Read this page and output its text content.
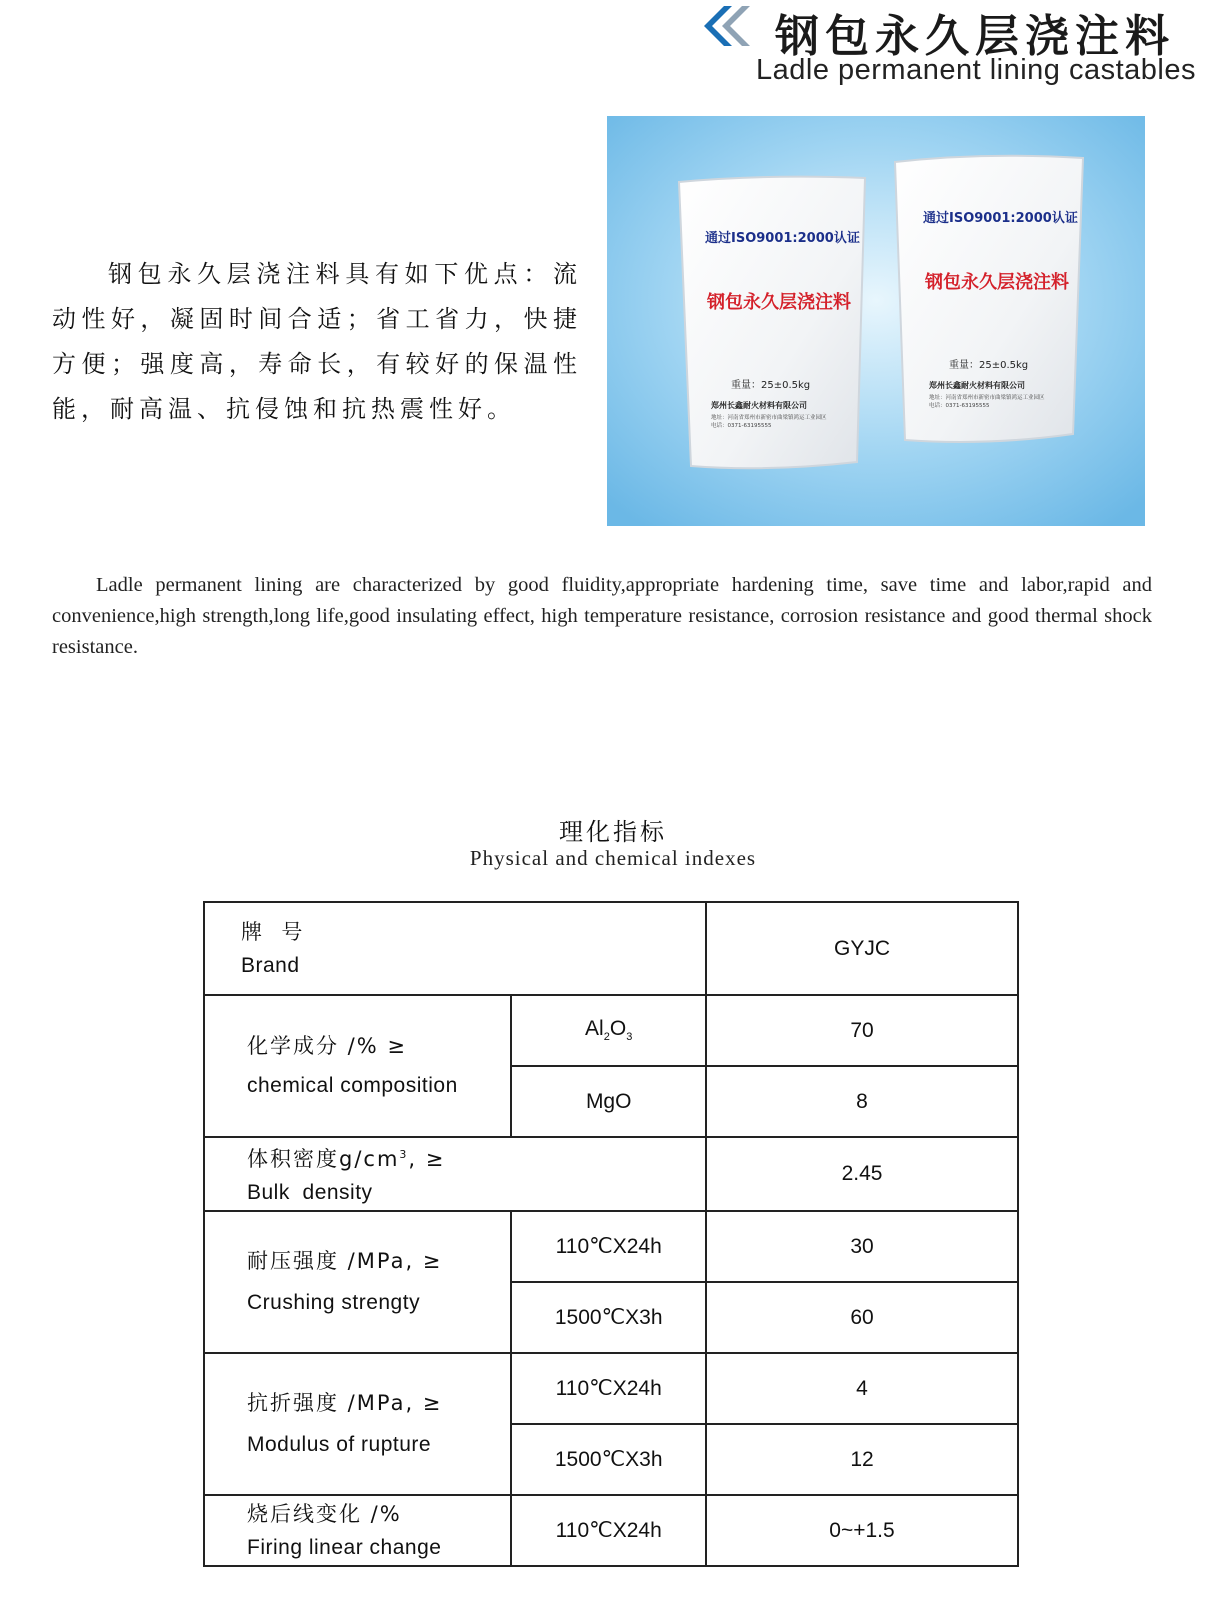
钢包永久层浇注料
Ladle permanent lining castables
钢包永久层浇注料具有如下优点：流动性好，凝固时间合适；省工省力，快捷方便；强度高，寿命长，有较好的保温性能，耐高温、抗侵蚀和抗热震性好。
通过ISO9001:2000认证
钢包永久层浇注料
重量：25±0.5kg
郑州长鑫耐火材料有限公司
地址：河南省郑州市新密市曲梁镇鸿运工业园区
电话：0371-63195555
通过ISO9001:2000认证
钢包永久层浇注料
重量：25±0.5kg
郑州长鑫耐火材料有限公司
地址：河南省郑州市新密市曲梁镇鸿运工业园区
电话：0371-63195555
Ladle permanent lining are characterized by good fluidity,appropriate hardening time, save time and labor,rapid and convenience,high strength,long life,good insulating effect, high temperature resistance, corrosion resistance and good thermal shock resistance.
理化指标
Physical and chemical indexes
牌  号
Brand		GYJC

化学成分 /% ≥
chemical composition	$Al_2O_3$	70
	MgO	8

体积密度$g/cm^3$, ≥
Bulk  density		2.45

耐压强度 /MPa, ≥
Crushing strengty	110℃X24h	30
	1500℃X3h	60

抗折强度 /MPa, ≥
Modulus of rupture	110℃X24h	4
	1500℃X3h	12

烧后线变化 /%
Firing linear change	110℃X24h	0~+1.5
